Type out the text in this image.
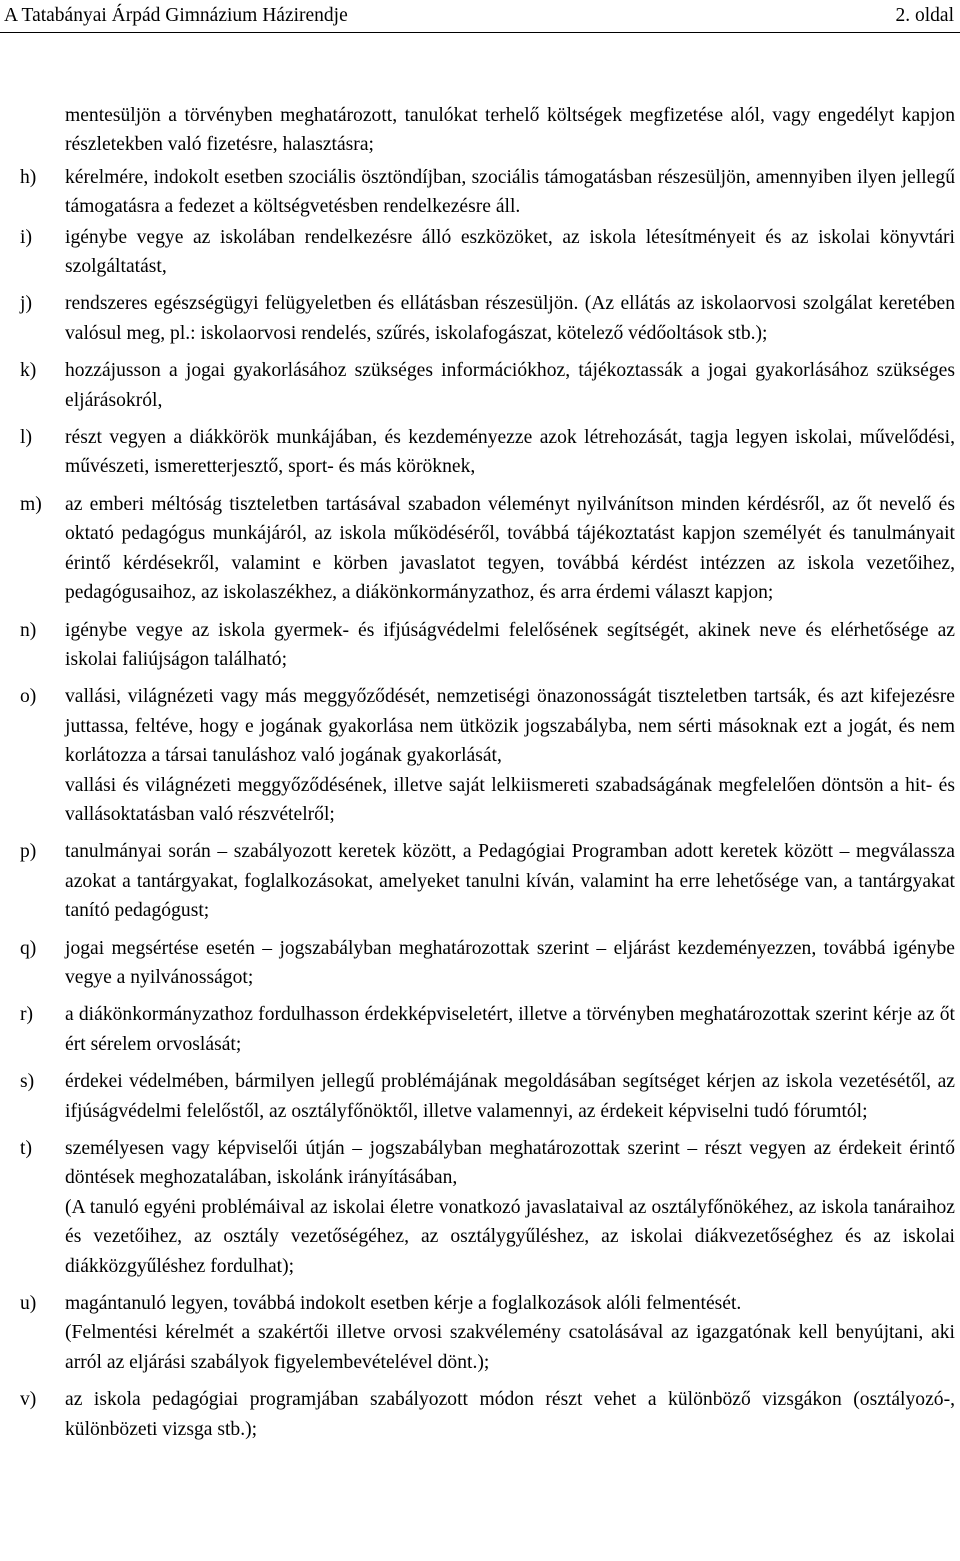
A Tatabányai Árpád Gimnázium Házirendje	2. oldal
mentesüljön a törvényben meghatározott, tanulókat terhelő költségek megfizetése alól, vagy engedélyt kapjon részletekben való fizetésre, halasztásra;
h) kérelmére, indokolt esetben szociális ösztöndíjban, szociális támogatásban részesüljön, amennyiben ilyen jellegű támogatásra a fedezet a költségvetésben rendelkezésre áll.
i) igénybe vegye az iskolában rendelkezésre álló eszközöket, az iskola létesítményeit és az iskolai könyvtári szolgáltatást,
j) rendszeres egészségügyi felügyeletben és ellátásban részesüljön. (Az ellátás az iskolaorvosi szolgálat keretében valósul meg, pl.: iskolaorvosi rendelés, szűrés, iskolafogászat, kötelező védőoltások stb.);
k) hozzájusson a jogai gyakorlásához szükséges információkhoz, tájékoztassák a jogai gyakorlásához szükséges eljárásokról,
l) részt vegyen a diákkörök munkájában, és kezdeményezze azok létrehozását, tagja legyen iskolai, művelődési, művészeti, ismeretterjesztő, sport- és más köröknek,
m) az emberi méltóság tiszteletben tartásával szabadon véleményt nyilvánítson minden kérdésről, az őt nevelő és oktató pedagógus munkájáról, az iskola működéséről, továbbá tájékoztatást kapjon személyét és tanulmányait érintő kérdésekről, valamint e körben javaslatot tegyen, továbbá kérdést intézzen az iskola vezetőihez, pedagógusaihoz, az iskolaszékhez, a diákönkormányzathoz, és arra érdemi választ kapjon;
n) igénybe vegye az iskola gyermek- és ifjúságvédelmi felelősének segítségét, akinek neve és elérhetősége az iskolai faliújságon található;
o) vallási, világnézeti vagy más meggyőződését, nemzetiségi önazonosságát tiszteletben tartsák, és azt kifejezésre juttassa, feltéve, hogy e jogának gyakorlása nem ütközik jogszabályba, nem sérti másoknak ezt a jogát, és nem korlátozza a társai tanuláshoz való jogának gyakorlását,
vallási és világnézeti meggyőződésének, illetve saját lelkiismereti szabadságának megfelelően döntsön a hit- és vallásoktatásban való részvételről;
p) tanulmányai során – szabályozott keretek között, a Pedagógiai Programban adott keretek között – megválassza azokat a tantárgyakat, foglalkozásokat, amelyeket tanulni kíván, valamint ha erre lehetősége van, a tantárgyakat tanító pedagógust;
q) jogai megsértése esetén – jogszabályban meghatározottak szerint – eljárást kezdeményezzen, továbbá igénybe vegye a nyilvánosságot;
r) a diákönkormányzathoz fordulhasson érdekképviseletért, illetve a törvényben meghatározottak szerint kérje az őt ért sérelem orvoslását;
s) érdekei védelmében, bármilyen jellegű problémájának megoldásában segítséget kérjen az iskola vezetésétől, az ifjúságvédelmi felelőstől, az osztályfőnöktől, illetve valamennyi, az érdekeit képviselni tudó fórumtól;
t) személyesen vagy képviselői útján – jogszabályban meghatározottak szerint – részt vegyen az érdekeit érintő döntések meghozatalában, iskolánk irányításában,
(A tanuló egyéni problémáival az iskolai életre vonatkozó javaslataival az osztályfőnökéhez, az iskola tanáraihoz és vezetőihez, az osztály vezetőségéhez, az osztálygyűléshez, az iskolai diákvezetőséghez és az iskolai diákközgyűléshez fordulhat);
u) magántanuló legyen, továbbá indokolt esetben kérje a foglalkozások alóli felmentését.
(Felmentési kérelmét a szakértői illetve orvosi szakvélemény csatolásával az igazgatónak kell benyújtani, aki arról az eljárási szabályok figyelembevételével dönt.);
v) az iskola pedagógiai programjában szabályozott módon részt vehet a különböző vizsgákon (osztályozó-, különbözeti vizsga stb.);
